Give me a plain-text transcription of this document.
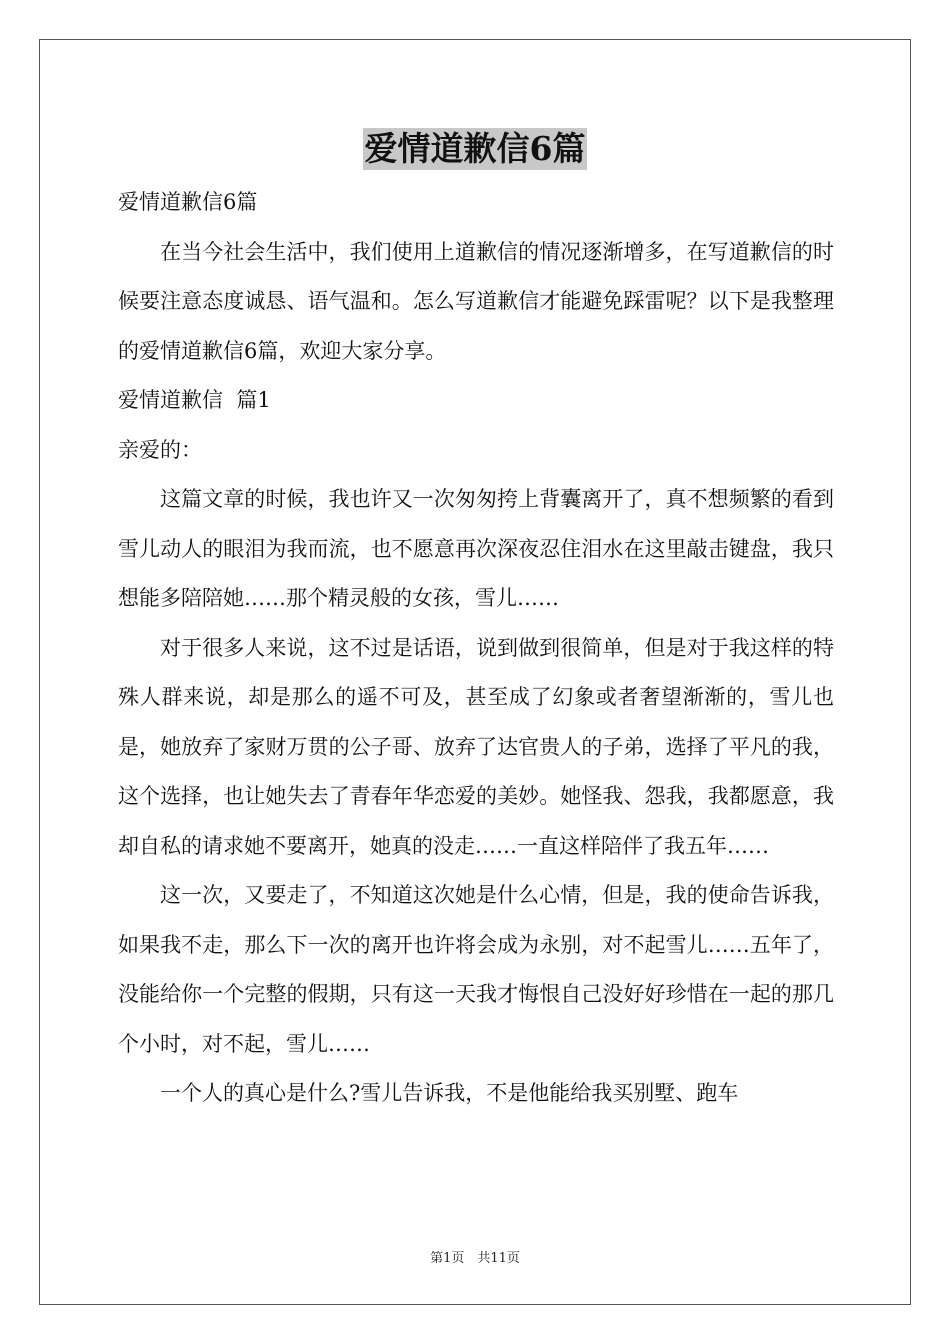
爱情道歉信6篇

爱情道歉信6篇

在当今社会生活中，我们使用上道歉信的情况逐渐增多，在写道歉信的时候要注意态度诚恳、语气温和。怎么写道歉信才能避免踩雷呢？以下是我整理的爱情道歉信6篇，欢迎大家分享。

爱情道歉信  篇1

亲爱的：

这篇文章的时候，我也许又一次匆匆挎上背囊离开了，真不想频繁的看到雪儿动人的眼泪为我而流，也不愿意再次深夜忍住泪水在这里敲击键盘，我只想能多陪陪她……那个精灵般的女孩，雪儿……

对于很多人来说，这不过是话语，说到做到很简单，但是对于我这样的特殊人群来说，却是那么的遥不可及，甚至成了幻象或者奢望渐渐的，雪儿也是，她放弃了家财万贯的公子哥、放弃了达官贵人的子弟，选择了平凡的我，这个选择，也让她失去了青春年华恋爱的美妙。她怪我、怨我，我都愿意，我却自私的请求她不要离开，她真的没走……一直这样陪伴了我五年……

这一次，又要走了，不知道这次她是什么心情，但是，我的使命告诉我，如果我不走，那么下一次的离开也许将会成为永别，对不起雪儿……五年了，没能给你一个完整的假期，只有这一天我才悔恨自己没好好珍惜在一起的那几个小时，对不起，雪儿……

一个人的真心是什么?雪儿告诉我，不是他能给我买别墅、跑车

第1页　共11页
